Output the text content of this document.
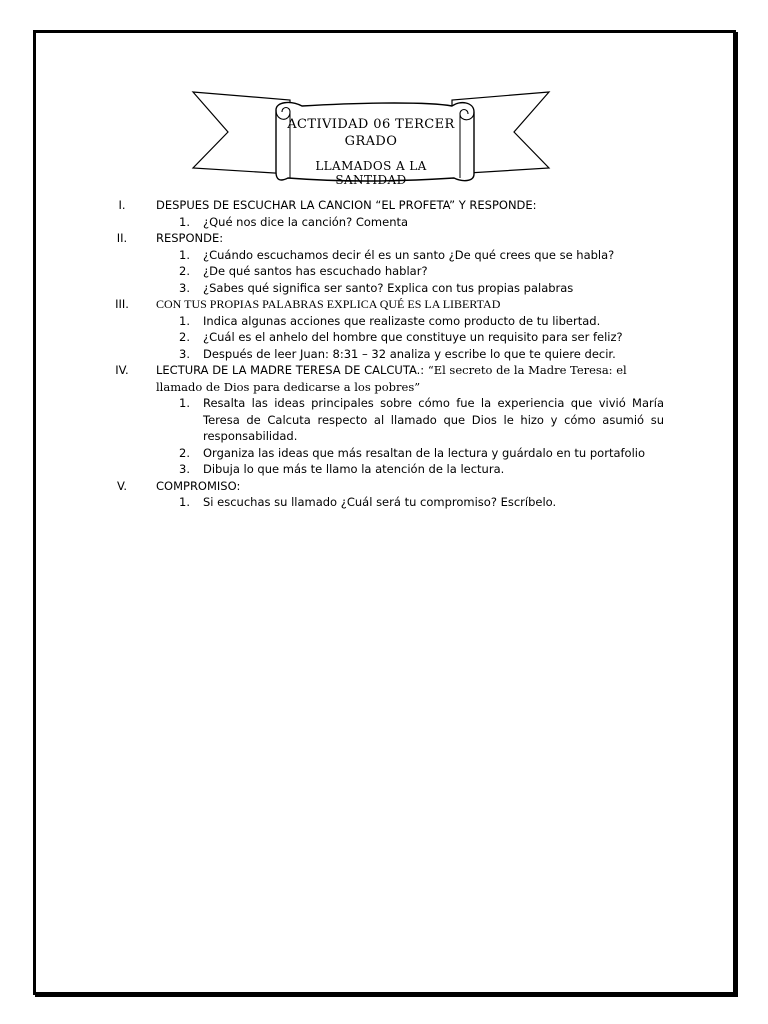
ACTIVIDAD 06 TERCER GRADO
LLAMADOS A LA SANTIDAD
I.	DESPUES DE ESCUCHAR LA CANCION “EL PROFETA” Y RESPONDE:
1. ¿Qué nos dice la canción? Comenta
II.	RESPONDE:
1. ¿Cuándo escuchamos decir él es un santo ¿De qué crees que se habla?
2. ¿De qué santos has escuchado hablar?
3. ¿Sabes qué significa ser santo? Explica con tus propias palabras
III.	CON TUS PROPIAS PALABRAS EXPLICA QUÉ ES LA LIBERTAD
1. Indica algunas acciones que realizaste como producto de tu libertad.
2. ¿Cuál es el anhelo del hombre que constituye un requisito para ser feliz?
3. Después de leer Juan: 8:31 – 32 analiza y escribe lo que te quiere decir.
IV.	LECTURA DE LA MADRE TERESA DE CALCUTA.: “El secreto de la Madre Teresa: el llamado de Dios para dedicarse a los pobres”
1. Resalta las ideas principales sobre cómo fue la experiencia que vivió María Teresa de Calcuta respecto al llamado que Dios le hizo y cómo asumió su responsabilidad.
2. Organiza las ideas que más resaltan de la lectura y guárdalo en tu portafolio
3. Dibuja lo que más te llamo la atención de la lectura.
V.	COMPROMISO:
1. Si escuchas su llamado ¿Cuál será tu compromiso? Escríbelo.
